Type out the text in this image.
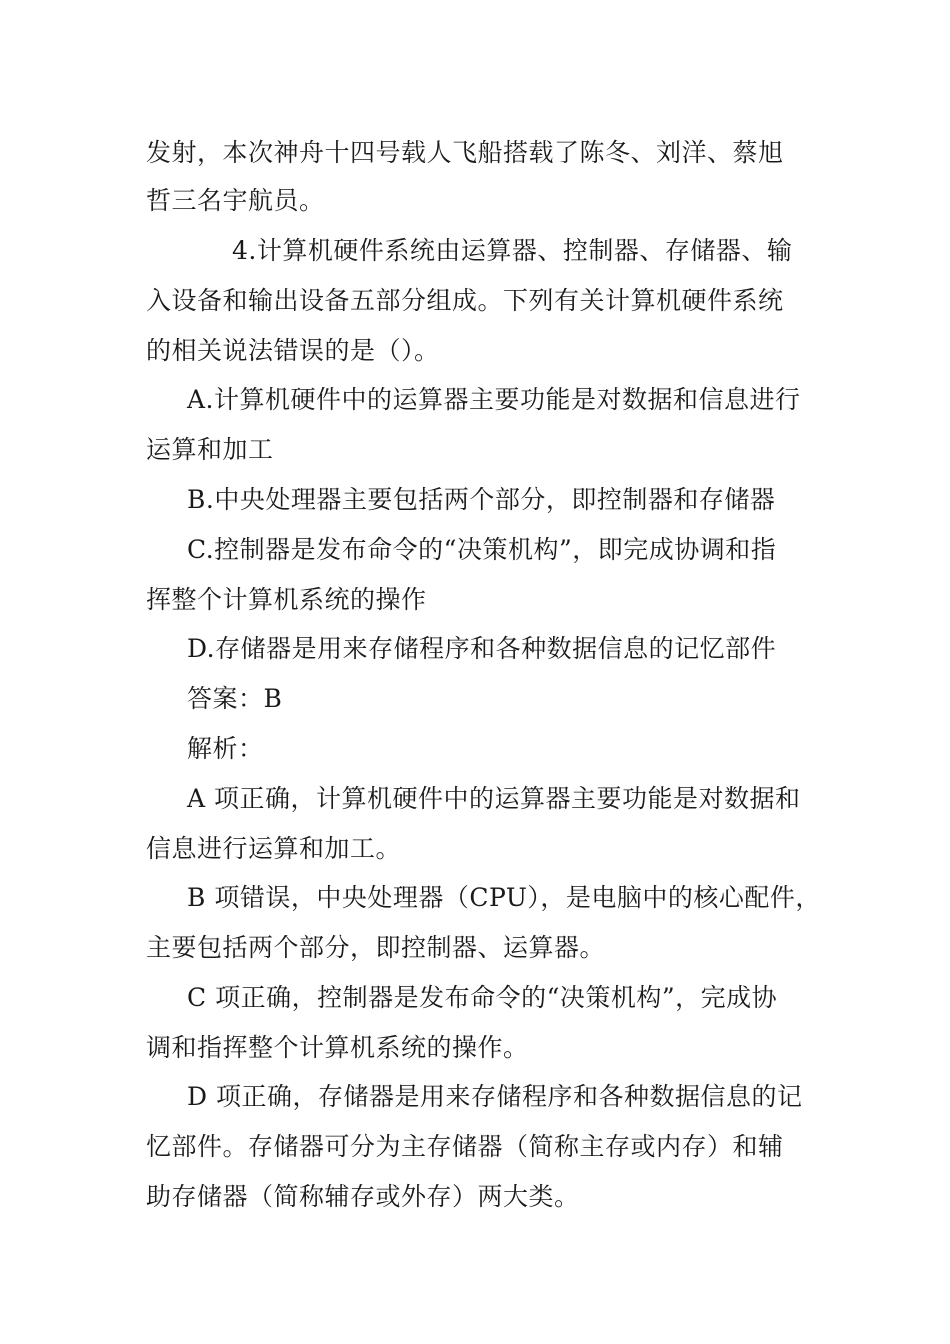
发射，本次神舟十四号载人飞船搭载了陈冬、刘洋、蔡旭
哲三名宇航员。
4.计算机硬件系统由运算器、控制器、存储器、输
入设备和输出设备五部分组成。下列有关计算机硬件系统
的相关说法错误的是（）。
A.计算机硬件中的运算器主要功能是对数据和信息进行
运算和加工
B.中央处理器主要包括两个部分，即控制器和存储器
C.控制器是发布命令的“决策机构”，即完成协调和指
挥整个计算机系统的操作
D.存储器是用来存储程序和各种数据信息的记忆部件
答案：B
解析：
A 项正确，计算机硬件中的运算器主要功能是对数据和
信息进行运算和加工。
B 项错误，中央处理器（CPU），是电脑中的核心配件，
主要包括两个部分，即控制器、运算器。
C 项正确，控制器是发布命令的“决策机构”，完成协
调和指挥整个计算机系统的操作。
D 项正确，存储器是用来存储程序和各种数据信息的记
忆部件。存储器可分为主存储器（简称主存或内存）和辅
助存储器（简称辅存或外存）两大类。
